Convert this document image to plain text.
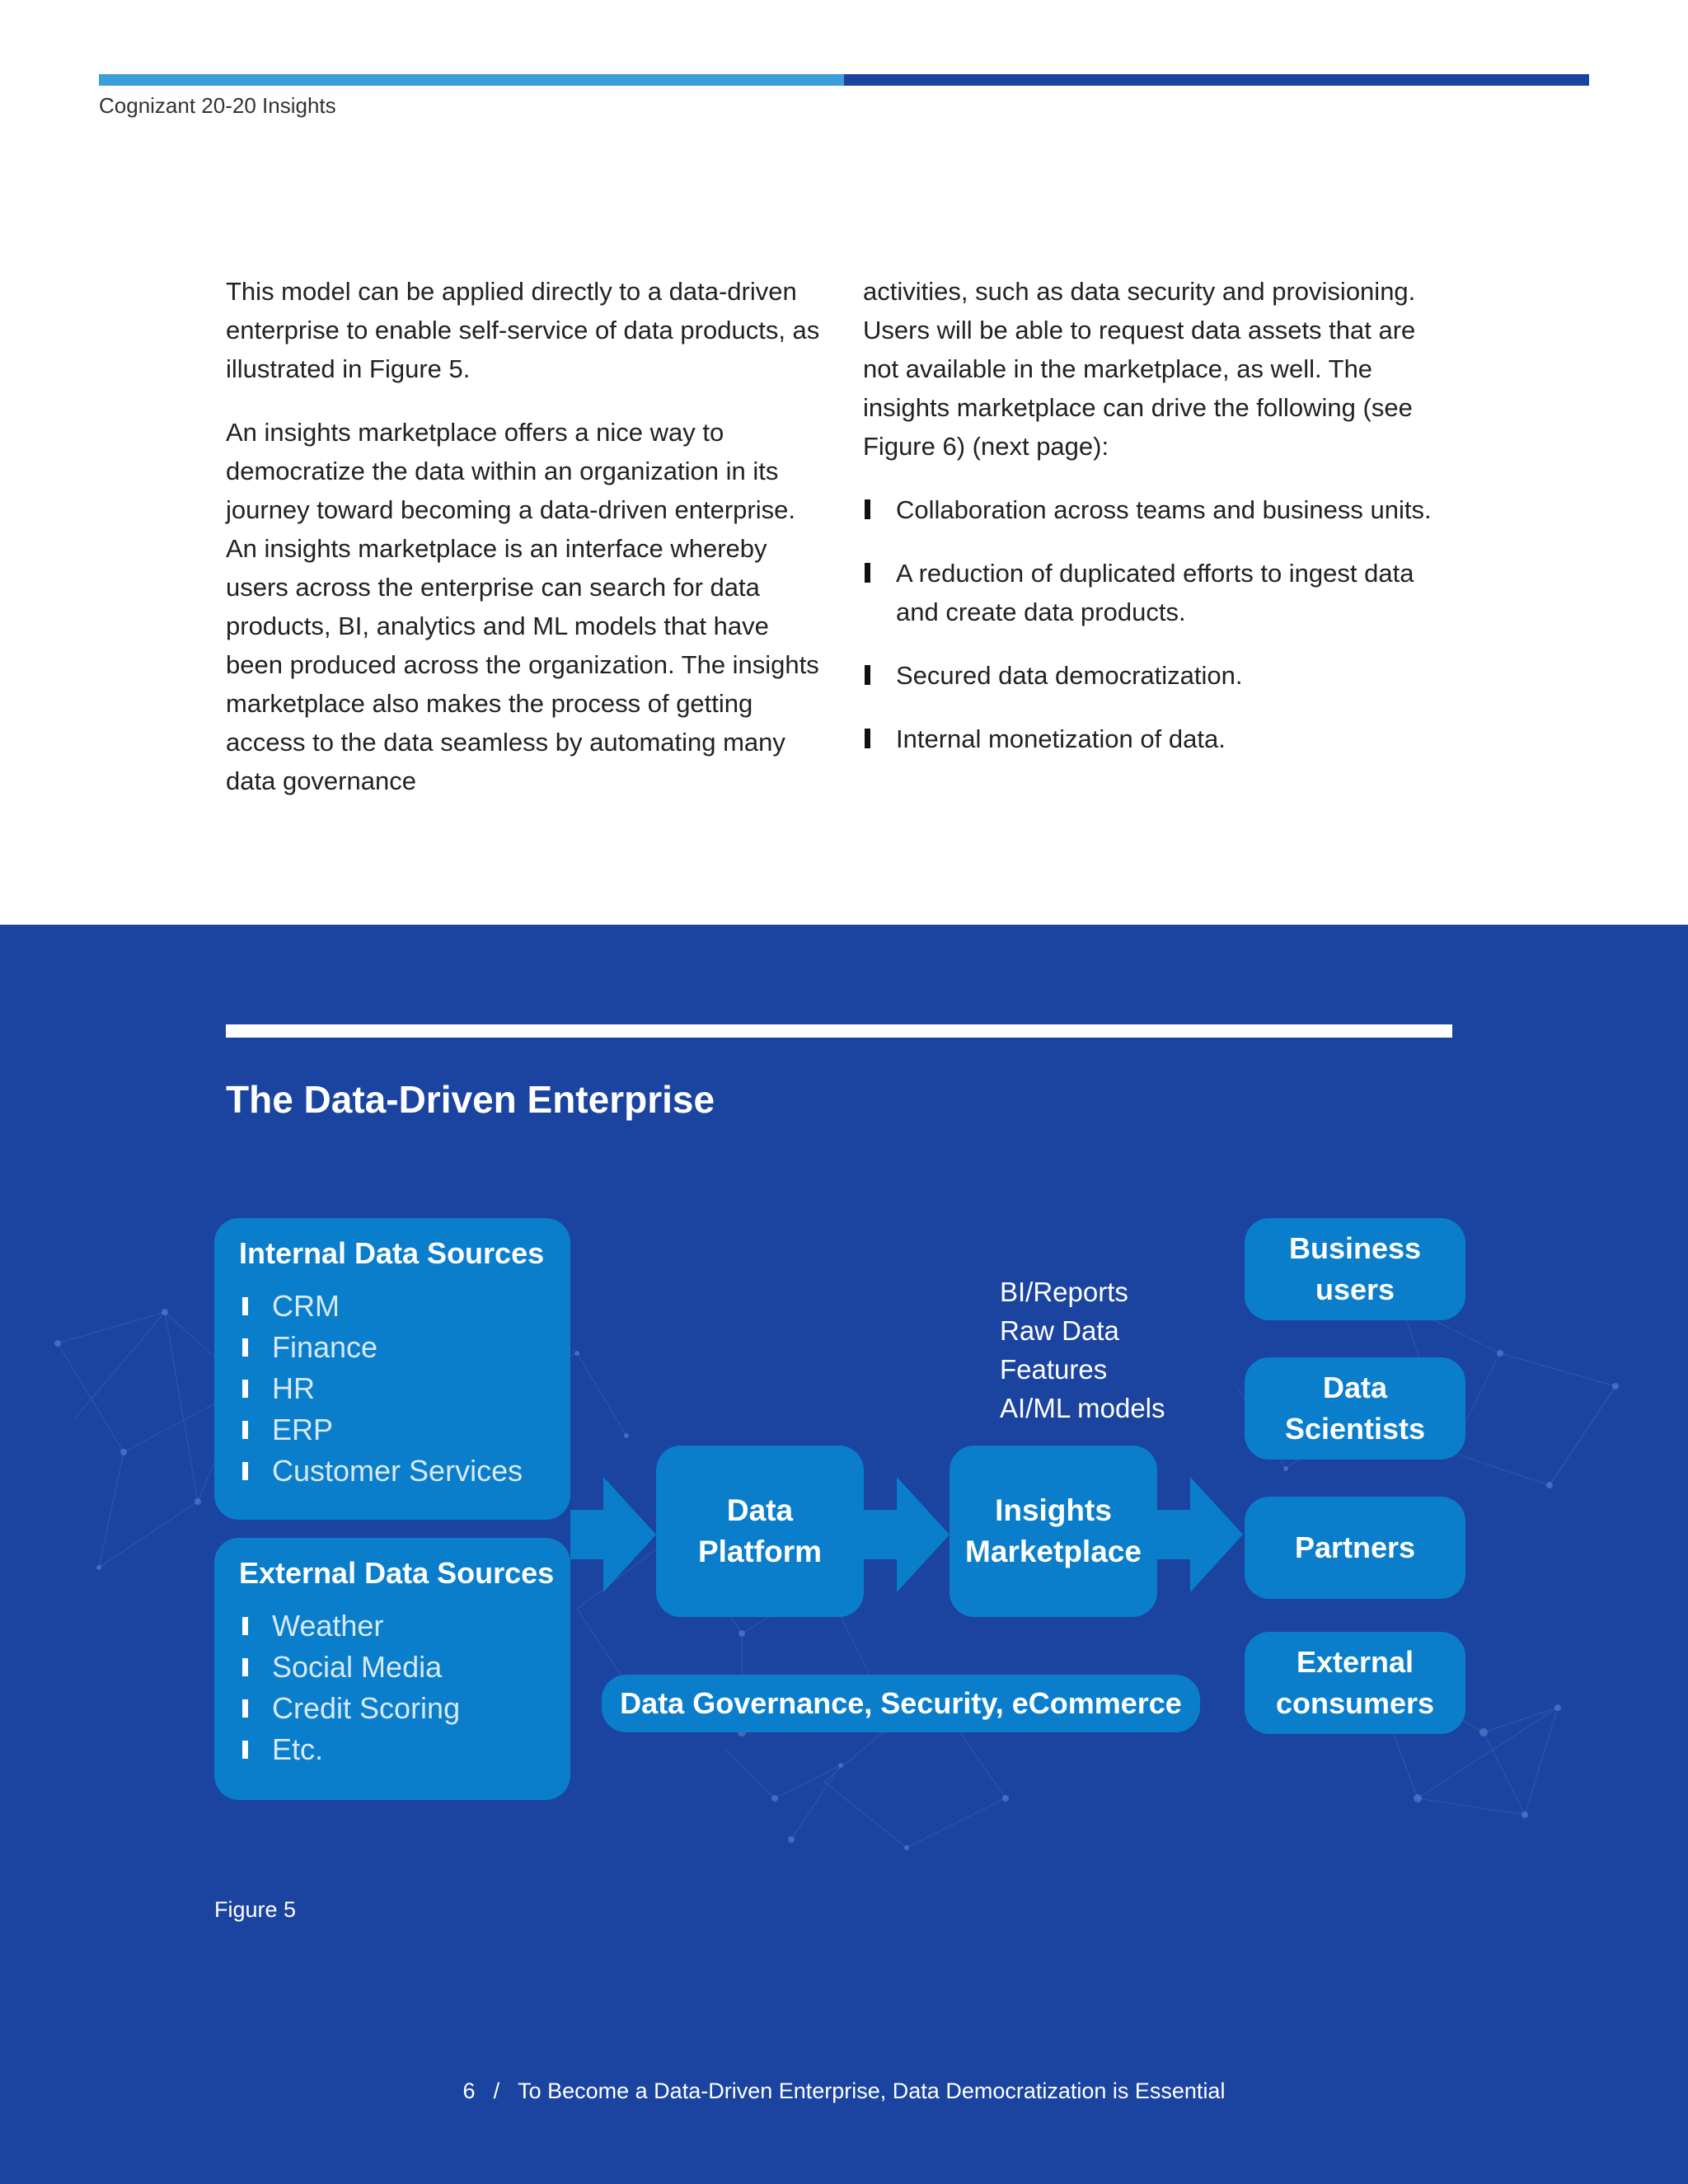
Cognizant 20-20 Insights

This model can be applied directly to a data-driven enterprise to enable self-service of data products, as illustrated in Figure 5.

An insights marketplace offers a nice way to democratize the data within an organization in its journey toward becoming a data-driven enterprise. An insights marketplace is an interface whereby users across the enterprise can search for data products, BI, analytics and ML models that have been produced across the organization. The insights marketplace also makes the process of getting access to the data seamless by automating many data governance

activities, such as data security and provisioning. Users will be able to request data assets that are not available in the marketplace, as well. The insights marketplace can drive the following (see Figure 6) (next page):

Collaboration across teams and business units.
A reduction of duplicated efforts to ingest data and create data products.
Secured data democratization.
Internal monetization of data.
The Data-Driven Enterprise
Internal Data Sources
CRM
Finance
HR
ERP
Customer Services
External Data Sources
Weather
Social Media
Credit Scoring
Etc.
Data
Platform
Insights
Marketplace
BI/Reports
Raw Data
Features
AI/ML models
Data Governance, Security, eCommerce
Business
users
Data
Scientists
Partners
External
consumers
Figure 5
6 / To Become a Data-Driven Enterprise, Data Democratization is Essential
